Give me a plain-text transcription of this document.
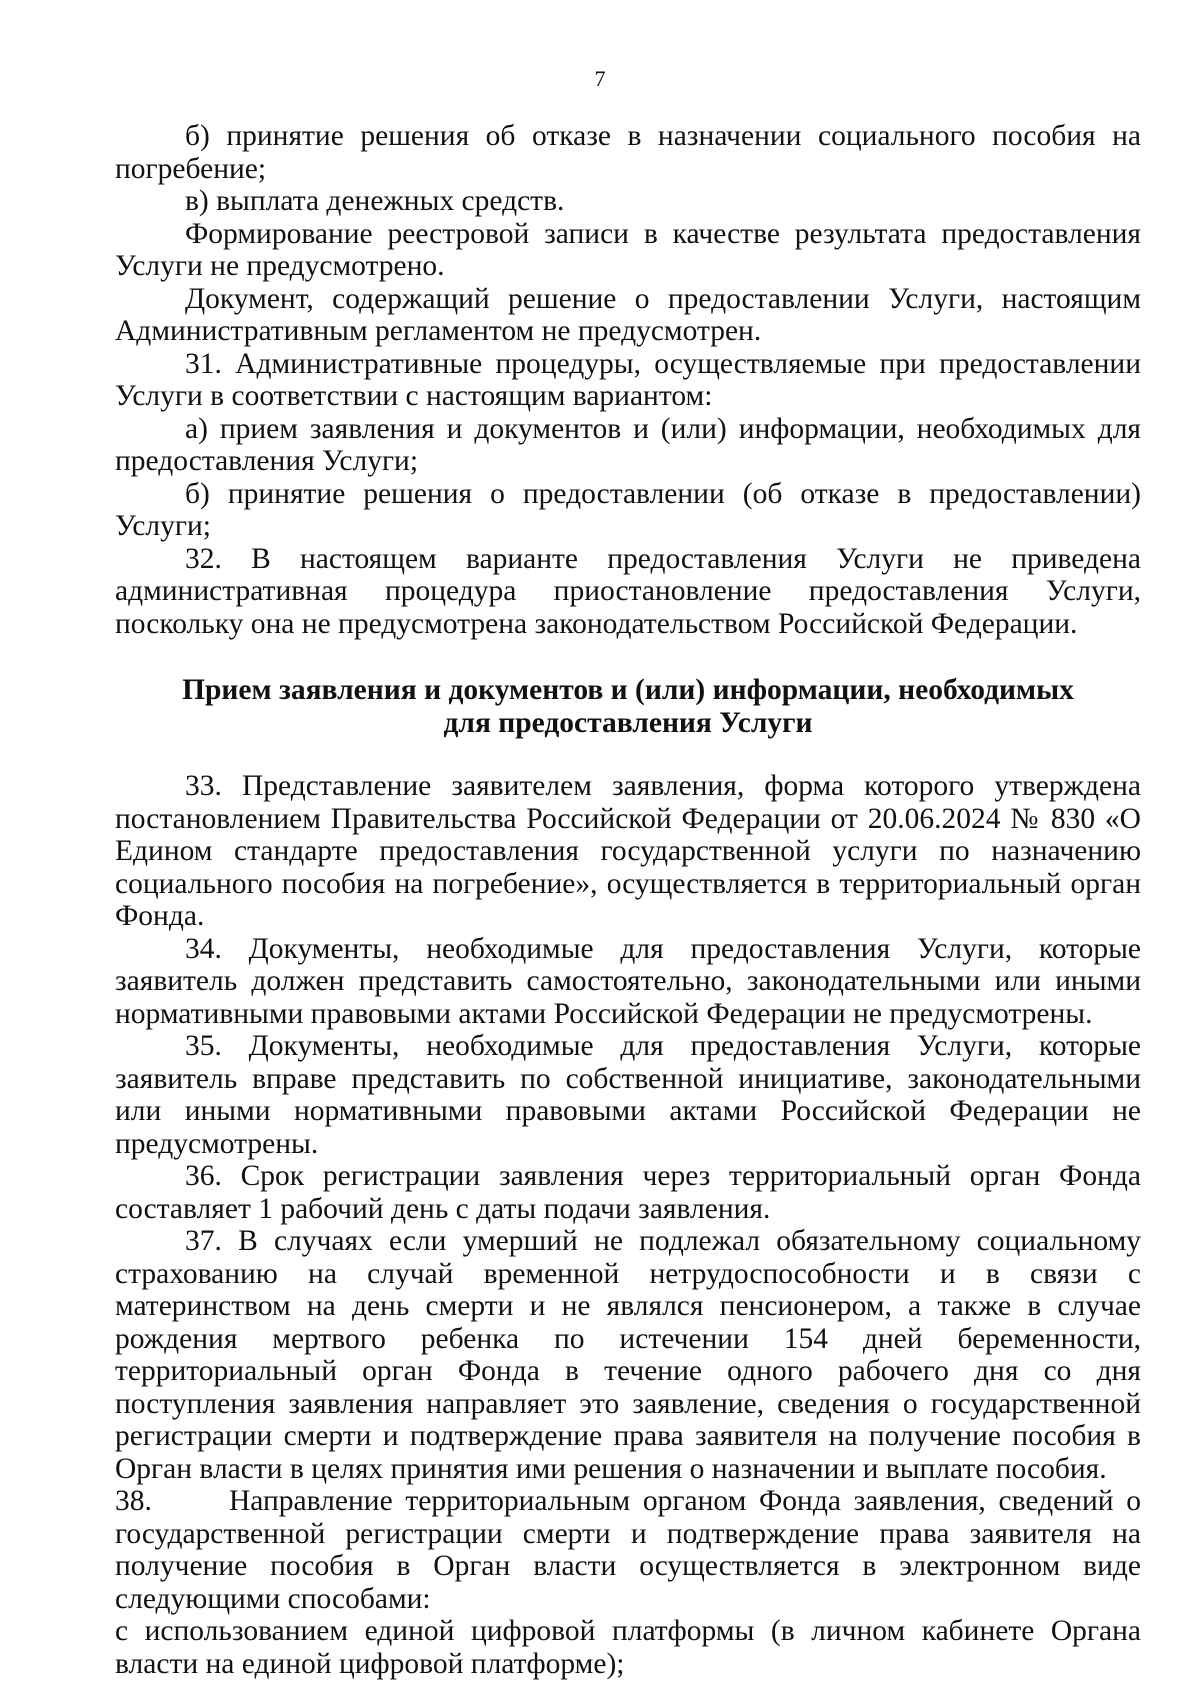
7

б) принятие решения об отказе в назначении социального пособия на погребение;

в) выплата денежных средств.

Формирование реестровой записи в качестве результата предоставления Услуги не предусмотрено.

Документ, содержащий решение о предоставлении Услуги, настоящим Административным регламентом не предусмотрен.

31. Административные процедуры, осуществляемые при предоставлении Услуги в соответствии с настоящим вариантом:

а) прием заявления и документов и (или) информации, необходимых для предоставления Услуги;

б) принятие решения о предоставлении (об отказе в предоставлении) Услуги;

32. В настоящем варианте предоставления Услуги не приведена административная процедура приостановление предоставления Услуги, поскольку она не предусмотрена законодательством Российской Федерации.

Прием заявления и документов и (или) информации, необходимых для предоставления Услуги

33. Представление заявителем заявления, форма которого утверждена постановлением Правительства Российской Федерации от 20.06.2024 № 830 «О Едином стандарте предоставления государственной услуги по назначению социального пособия на погребение», осуществляется в территориальный орган Фонда.

34. Документы, необходимые для предоставления Услуги, которые заявитель должен представить самостоятельно, законодательными или иными нормативными правовыми актами Российской Федерации не предусмотрены.

35. Документы, необходимые для предоставления Услуги, которые заявитель вправе представить по собственной инициативе, законодательными или иными нормативными правовыми актами Российской Федерации не предусмотрены.

36. Срок регистрации заявления через территориальный орган Фонда составляет 1 рабочий день с даты подачи заявления.

37. В случаях если умерший не подлежал обязательному социальному страхованию на случай временной нетрудоспособности и в связи с материнством на день смерти и не являлся пенсионером, а также в случае рождения мертвого ребенка по истечении 154 дней беременности, территориальный орган Фонда в течение одного рабочего дня со дня поступления заявления направляет это заявление, сведения о государственной регистрации смерти и подтверждение права заявителя на получение пособия в Орган власти в целях принятия ими решения о назначении и выплате пособия.

38.	Направление территориальным органом Фонда заявления, сведений о государственной регистрации смерти и подтверждение права заявителя на получение пособия в Орган власти осуществляется в электронном виде следующими способами:

с использованием единой цифровой платформы (в личном кабинете Органа власти на единой цифровой платформе);
